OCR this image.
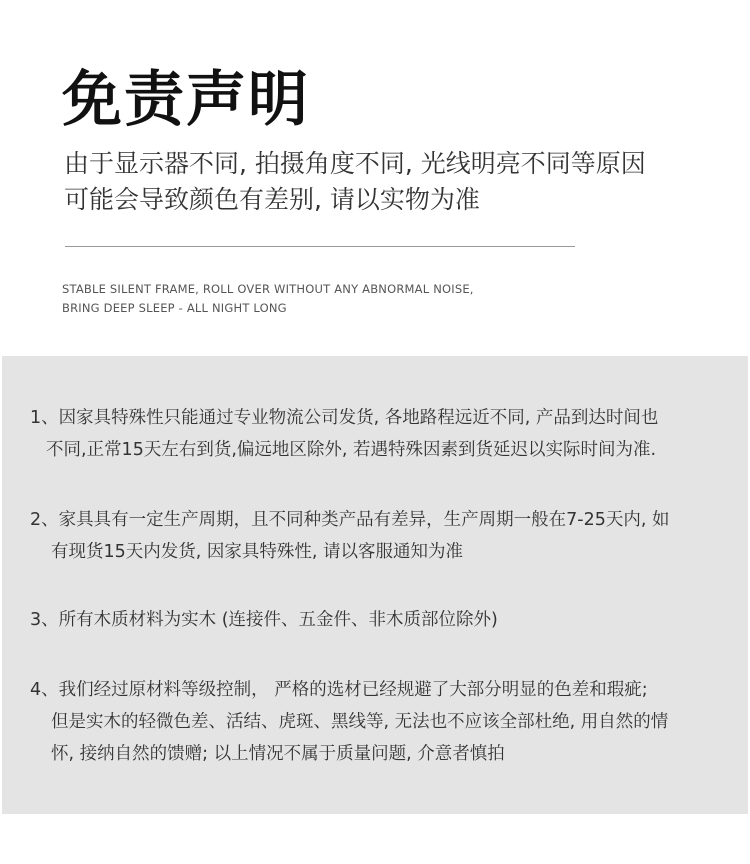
免责声明
由于显示器不同, 拍摄角度不同, 光线明亮不同等原因
可能会导致颜色有差别, 请以实物为准
STABLE SILENT FRAME, ROLL OVER WITHOUT ANY ABNORMAL NOISE,
BRING DEEP SLEEP - ALL NIGHT LONG
1、因家具特殊性只能通过专业物流公司发货, 各地路程远近不同, 产品到达时间也
不同,正常15天左右到货,偏远地区除外, 若遇特殊因素到货延迟以实际时间为准.
2、家具具有一定生产周期，且不同种类产品有差异，生产周期一般在7-25天内, 如
有现货15天内发货, 因家具特殊性, 请以客服通知为准
3、所有木质材料为实木 (连接件、五金件、非木质部位除外)
4、我们经过原材料等级控制， 严格的选材已经规避了大部分明显的色差和瑕疵;
但是实木的轻微色差、活结、虎斑、黑线等, 无法也不应该全部杜绝, 用自然的情
怀, 接纳自然的馈赠; 以上情况不属于质量问题, 介意者慎拍
